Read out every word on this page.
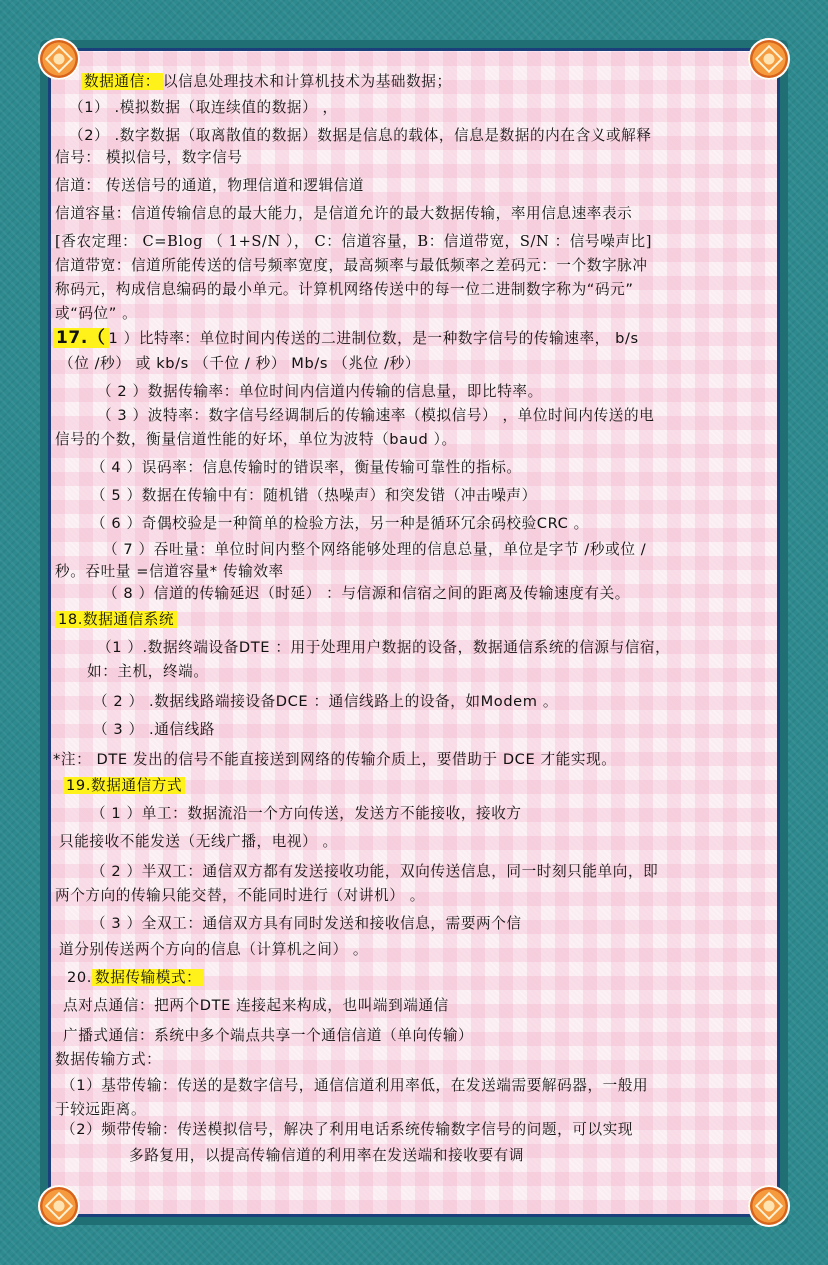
数据通信： 以信息处理技术和计算机技术为基础数据；
（1） .模拟数据（取连续值的数据） ，
（2） .数字数据（取离散值的数据）数据是信息的载体，信息是数据的内在含义或解释
信号： 模拟信号，数字信号
信道： 传送信号的通道，物理信道和逻辑信道
信道容量：信道传输信息的最大能力，是信道允许的最大数据传输，率用信息速率表示
[香农定理： C=Blog （ 1+S/N ）， C：信道容量，B：信道带宽，S/N ：信号噪声比]
信道带宽：信道所能传送的信号频率宽度，最高频率与最低频率之差码元：一个数字脉冲
称码元，构成信息编码的最小单元。计算机网络传送中的每一位二进制数字称为“码元”
或“码位” 。
17.（ 1 ）比特率：单位时间内传送的二进制位数，是一种数字信号的传输速率， b/s
（位 /秒） 或 kb/s （千位 / 秒） Mb/s （兆位 /秒）
（ 2 ）数据传输率：单位时间内信道内传输的信息量，即比特率。
（ 3 ）波特率：数字信号经调制后的传输速率（模拟信号） ，单位时间内传送的电
信号的个数，衡量信道性能的好坏，单位为波特（baud ）。
（ 4 ）误码率：信息传输时的错误率，衡量传输可靠性的指标。
（ 5 ）数据在传输中有：随机错（热噪声）和突发错（冲击噪声）
（ 6 ）奇偶校验是一种简单的检验方法，另一种是循环冗余码校验CRC 。
（ 7 ）吞吐量：单位时间内整个网络能够处理的信息总量，单位是字节 /秒或位 /
秒。吞吐量 =信道容量* 传输效率
（ 8 ）信道的传输延迟（时延） ：与信源和信宿之间的距离及传输速度有关。
18.数据通信系统
（1 ）.数据终端设备DTE ：用于处理用户数据的设备，数据通信系统的信源与信宿，
如：主机，终端。
（ 2 ） .数据线路端接设备DCE ：通信线路上的设备，如Modem 。
（ 3 ） .通信线路
*注： DTE 发出的信号不能直接送到网络的传输介质上，要借助于 DCE 才能实现。
19.数据通信方式
（ 1 ）单工：数据流沿一个方向传送，发送方不能接收，接收方
只能接收不能发送（无线广播，电视） 。
（ 2 ）半双工：通信双方都有发送接收功能，双向传送信息，同一时刻只能单向，即
两个方向的传输只能交替，不能同时进行（对讲机） 。
（ 3 ）全双工：通信双方具有同时发送和接收信息，需要两个信
道分别传送两个方向的信息（计算机之间） 。
20. 数据传输模式：
点对点通信：把两个DTE 连接起来构成，也叫端到端通信
广播式通信：系统中多个端点共享一个通信信道（单向传输）
数据传输方式：
（1）基带传输：传送的是数字信号，通信信道利用率低，在发送端需要解码器，一般用
于较远距离。
（2）频带传输：传送模拟信号，解决了利用电话系统传输数字信号的问题，可以实现
多路复用，以提高传输信道的利用率在发送端和接收要有调
